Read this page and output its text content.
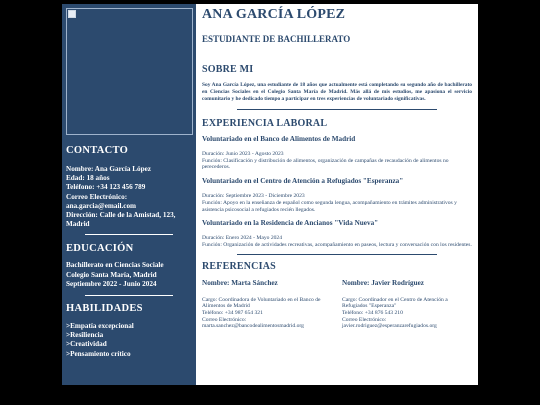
CONTACTO
Nombre: Ana García López
Edad: 18 años
Teléfono: +34 123 456 789
Correo Electrónico:
ana.garcia@email.com
Dirección: Calle de la Amistad, 123,
Madrid
EDUCACIÓN
Bachillerato en Ciencias Sociale
Colegio Santa María, Madrid
Septiembre 2022 - Junio 2024
HABILIDADES
>Empatía excepcional
>Resiliencia
>Creatividad
>Pensamiento crítico
ANA GARCÍA LÓPEZ
ESTUDIANTE DE BACHILLERATO
SOBRE MI
Soy Ana García López, una estudiante de 18 años que actualmente está completando su segundo año de bachillerato en Ciencias Sociales en el Colegio Santa María de Madrid. Más allá de mis estudios, me apasiona el servicio comunitario y he dedicado tiempo a participar en tres experiencias de voluntariado significativas.
EXPERIENCIA LABORAL
Voluntariado en el Banco de Alimentos de Madrid
Duración: Junio 2023 - Agosto 2023
Función: Clasificación y distribución de alimentos, organización de campañas de recaudación de alimentos no perecederos.
Voluntariado en el Centro de Atención a Refugiados "Esperanza"
Duración: Septiembre 2023 - Diciembre 2023
Función: Apoyo en la enseñanza de español como segunda lengua, acompañamiento en trámites administrativos y asistencia psicosocial a refugiados recién llegados.
Voluntariado en la Residencia de Ancianos "Vida Nueva"
Duración: Enero 2024 - Mayo 2024
Función: Organización de actividades recreativas, acompañamiento en paseos, lectura y conversación con los residentes.
REFERENCIAS
Nombre: Marta Sánchez
Cargo: Coordinadora de Voluntariado en el Banco de Alimentos de Madrid
Teléfono: +34 987 654 321
Correo Electrónico:
marta.sanchez@bancodealimentosmadrid.org
Nombre: Javier Rodríguez
Cargo: Coordinador en el Centro de Atención a Refugiados "Esperanza"
Teléfono: +34 876 543 210
Correo Electrónico:
javier.rodriguez@esperanzarefugiados.org
